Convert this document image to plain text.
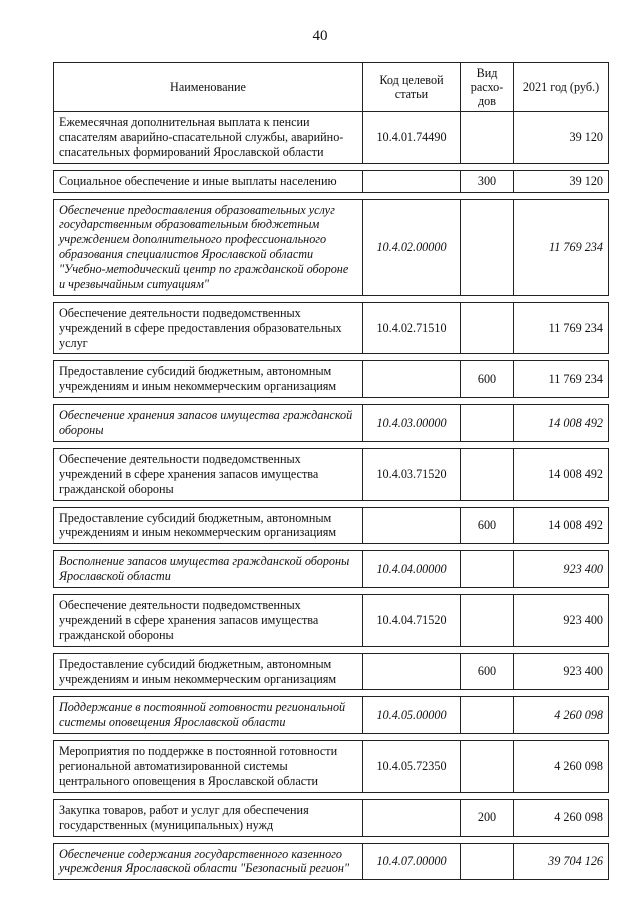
40
Наименование	Код целевой статьи	Вид расхо-дов	2021 год (руб.)
Ежемесячная дополнительная выплата к пенсии спасателям аварийно-спасательной службы, аварийно-спасательных формирований Ярославской области	10.4.01.74490		39 120

Социальное обеспечение и иные выплаты населению		300	39 120

Обеспечение предоставления образовательных услуг государственным образовательным бюджетным учреждением дополнительного профессионального образования специалистов Ярославской области "Учебно-методический центр по гражданской обороне и чрезвычайным ситуациям"	10.4.02.00000		11 769 234

Обеспечение деятельности подведомственных учреждений в сфере предоставления образовательных услуг	10.4.02.71510		11 769 234

Предоставление субсидий бюджетным, автономным учреждениям и иным некоммерческим организациям		600	11 769 234

Обеспечение хранения запасов имущества гражданской обороны	10.4.03.00000		14 008 492

Обеспечение деятельности подведомственных учреждений в сфере хранения запасов имущества гражданской обороны	10.4.03.71520		14 008 492

Предоставление субсидий бюджетным, автономным учреждениям и иным некоммерческим организациям		600	14 008 492

Восполнение запасов имущества гражданской обороны Ярославской области	10.4.04.00000		923 400

Обеспечение деятельности подведомственных учреждений в сфере хранения запасов имущества гражданской обороны	10.4.04.71520		923 400

Предоставление субсидий бюджетным, автономным учреждениям и иным некоммерческим организациям		600	923 400

Поддержание в постоянной готовности региональной системы оповещения Ярославской области	10.4.05.00000		4 260 098

Мероприятия по поддержке в постоянной готовности региональной автоматизированной системы центрального оповещения в Ярославской области	10.4.05.72350		4 260 098

Закупка товаров, работ и услуг для обеспечения государственных (муниципальных) нужд		200	4 260 098

Обеспечение содержания государственного казенного учреждения Ярославской области "Безопасный регион"	10.4.07.00000		39 704 126
